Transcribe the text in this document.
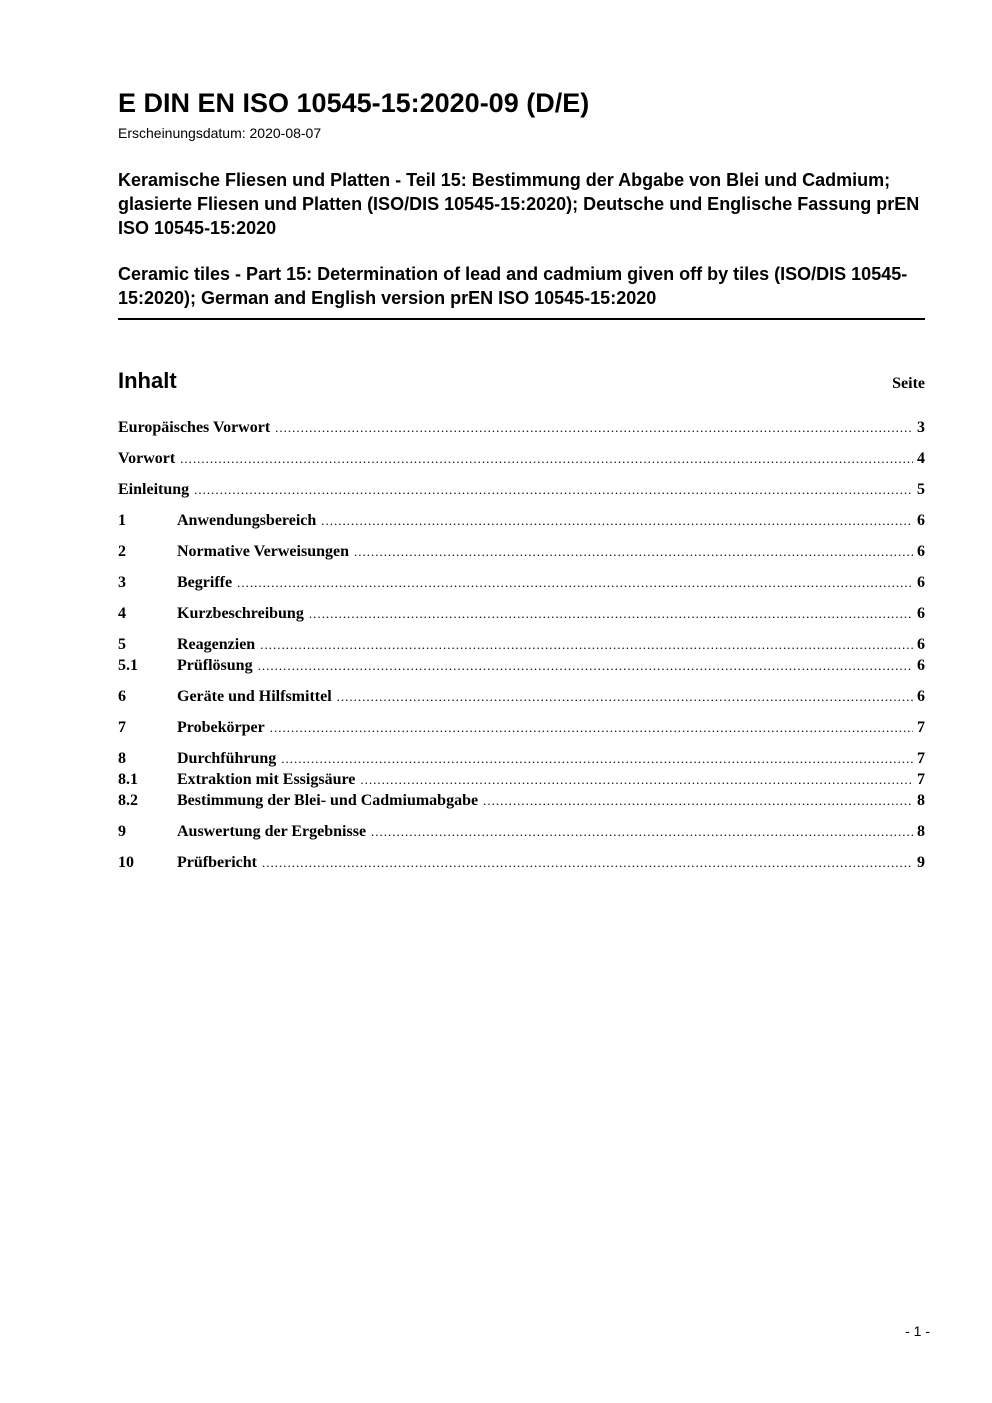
E DIN EN ISO 10545-15:2020-09 (D/E)
Erscheinungsdatum: 2020-08-07

Keramische Fliesen und Platten - Teil 15: Bestimmung der Abgabe von Blei und Cadmium; glasierte Fliesen und Platten (ISO/DIS 10545-15:2020); Deutsche und Englische Fassung prEN ISO 10545-15:2020

Ceramic tiles - Part 15: Determination of lead and cadmium given off by tiles (ISO/DIS 10545-15:2020); German and English version prEN ISO 10545-15:2020

Inhalt	Seite
Europäisches Vorwort .....	3
Vorwort .....	4
Einleitung .....	5
1	Anwendungsbereich .....	6
2	Normative Verweisungen .....	6
3	Begriffe .....	6
4	Kurzbeschreibung .....	6
5	Reagenzien .....	6
5.1	Prüflösung .....	6
6	Geräte und Hilfsmittel .....	6
7	Probekörper .....	7
8	Durchführung .....	7
8.1	Extraktion mit Essigsäure .....	7
8.2	Bestimmung der Blei- und Cadmiumabgabe .....	8
9	Auswertung der Ergebnisse .....	8
10	Prüfbericht .....	9
- 1 -
